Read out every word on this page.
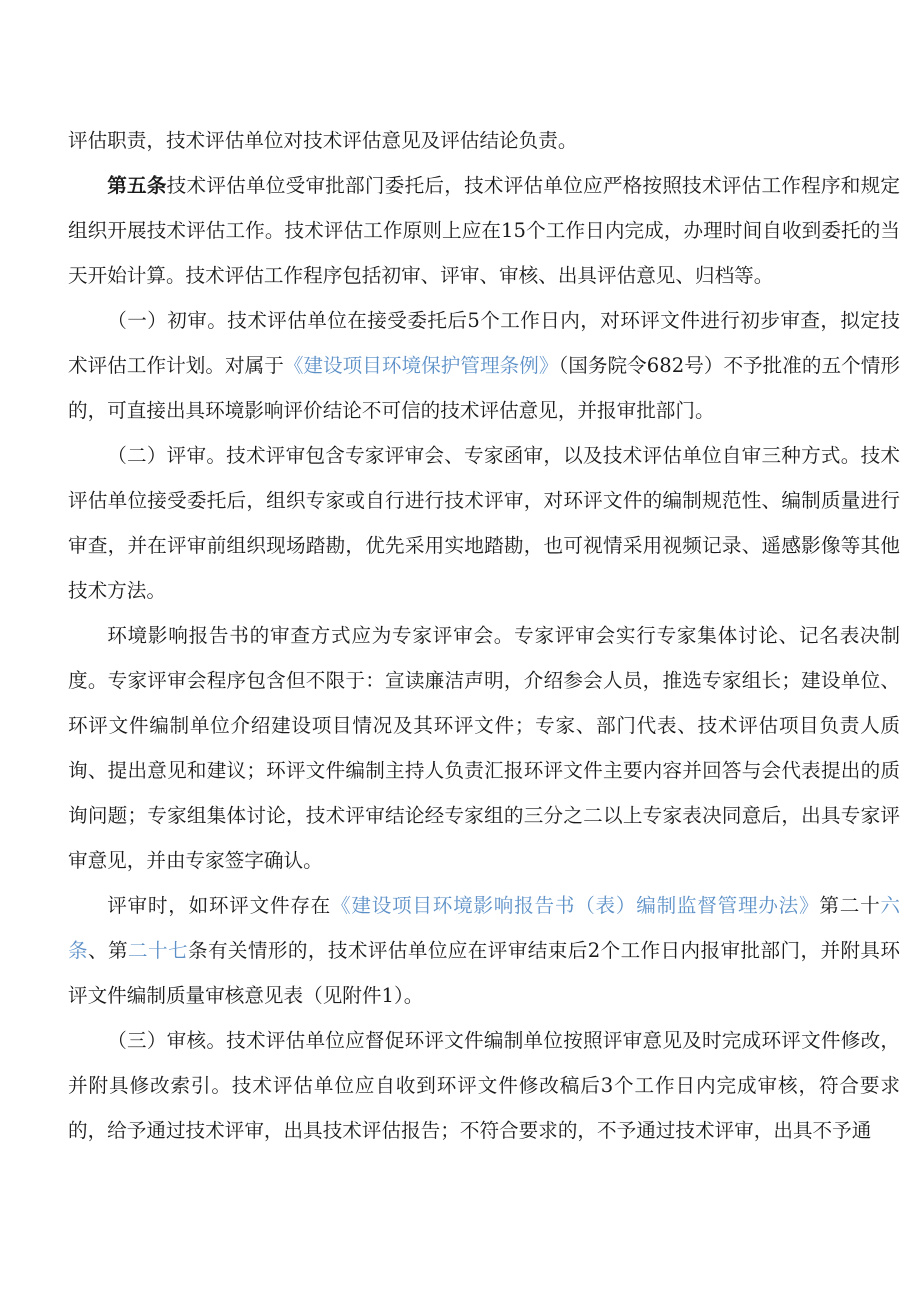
评估职责，技术评估单位对技术评估意见及评估结论负责。

第五条技术评估单位受审批部门委托后，技术评估单位应严格按照技术评估工作程序和规定组织开展技术评估工作。技术评估工作原则上应在15个工作日内完成，办理时间自收到委托的当天开始计算。技术评估工作程序包括初审、评审、审核、出具评估意见、归档等。

（一）初审。技术评估单位在接受委托后5个工作日内，对环评文件进行初步审查，拟定技术评估工作计划。对属于《建设项目环境保护管理条例》（国务院令682号）不予批准的五个情形的，可直接出具环境影响评价结论不可信的技术评估意见，并报审批部门。

（二）评审。技术评审包含专家评审会、专家函审，以及技术评估单位自审三种方式。技术评估单位接受委托后，组织专家或自行进行技术评审，对环评文件的编制规范性、编制质量进行审查，并在评审前组织现场踏勘，优先采用实地踏勘，也可视情采用视频记录、遥感影像等其他技术方法。

环境影响报告书的审查方式应为专家评审会。专家评审会实行专家集体讨论、记名表决制度。专家评审会程序包含但不限于：宣读廉洁声明，介绍参会人员，推选专家组长；建设单位、环评文件编制单位介绍建设项目情况及其环评文件；专家、部门代表、技术评估项目负责人质询、提出意见和建议；环评文件编制主持人负责汇报环评文件主要内容并回答与会代表提出的质询问题；专家组集体讨论，技术评审结论经专家组的三分之二以上专家表决同意后，出具专家评审意见，并由专家签字确认。

评审时，如环评文件存在《建设项目环境影响报告书（表）编制监督管理办法》第二十六条、第二十七条有关情形的，技术评估单位应在评审结束后2个工作日内报审批部门，并附具环评文件编制质量审核意见表（见附件1）。

（三）审核。技术评估单位应督促环评文件编制单位按照评审意见及时完成环评文件修改，并附具修改索引。技术评估单位应自收到环评文件修改稿后3个工作日内完成审核，符合要求的，给予通过技术评审，出具技术评估报告；不符合要求的，不予通过技术评审，出具不予通
